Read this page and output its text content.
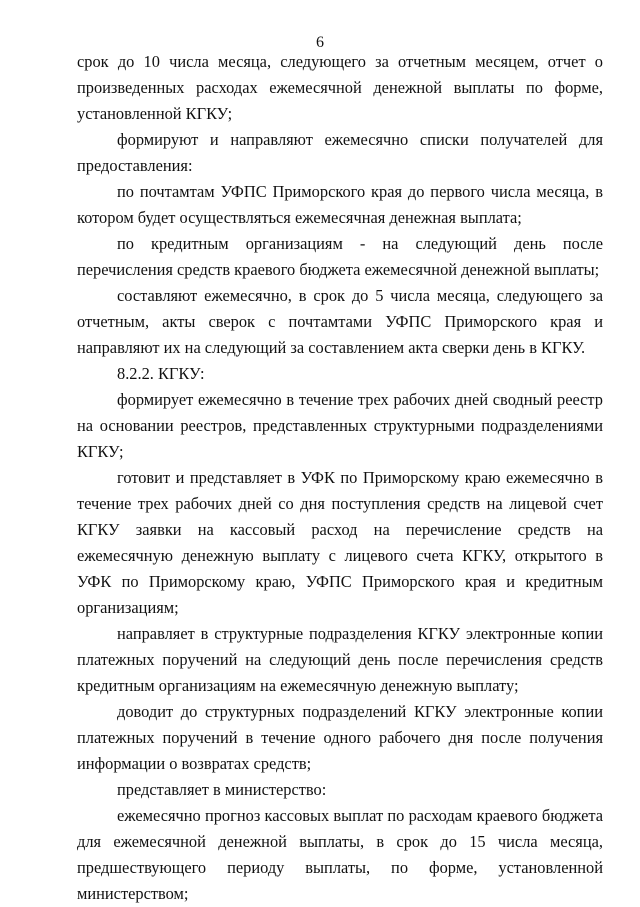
6

срок до 10 числа месяца, следующего за отчетным месяцем, отчет о произведенных расходах ежемесячной денежной выплаты по форме, установленной КГКУ;

формируют и направляют ежемесячно списки получателей для предоставления:

по почтамтам УФПС Приморского края до первого числа месяца, в котором будет осуществляться ежемесячная денежная выплата;

по кредитным организациям - на следующий день после перечисления средств краевого бюджета ежемесячной денежной выплаты;

составляют ежемесячно, в срок до 5 числа месяца, следующего за отчетным, акты сверок с почтамтами УФПС Приморского края и направляют их на следующий за составлением акта сверки день в КГКУ.

8.2.2. КГКУ:

формирует ежемесячно в течение трех рабочих дней сводный реестр на основании реестров, представленных структурными подразделениями КГКУ;

готовит и представляет в УФК по Приморскому краю ежемесячно в течение трех рабочих дней со дня поступления средств на лицевой счет КГКУ заявки на кассовый расход на перечисление средств на ежемесячную денежную выплату с лицевого счета КГКУ, открытого в УФК по Приморскому краю, УФПС Приморского края и кредитным организациям;

направляет в структурные подразделения КГКУ электронные копии платежных поручений на следующий день после перечисления средств кредитным организациям на ежемесячную денежную выплату;

доводит до структурных подразделений КГКУ электронные копии платежных поручений в течение одного рабочего дня после получения информации о возвратах средств;

представляет в министерство:

ежемесячно прогноз кассовых выплат по расходам краевого бюджета для ежемесячной денежной выплаты, в срок до 15 числа месяца, предшествующего периоду выплаты, по форме, установленной министерством;
